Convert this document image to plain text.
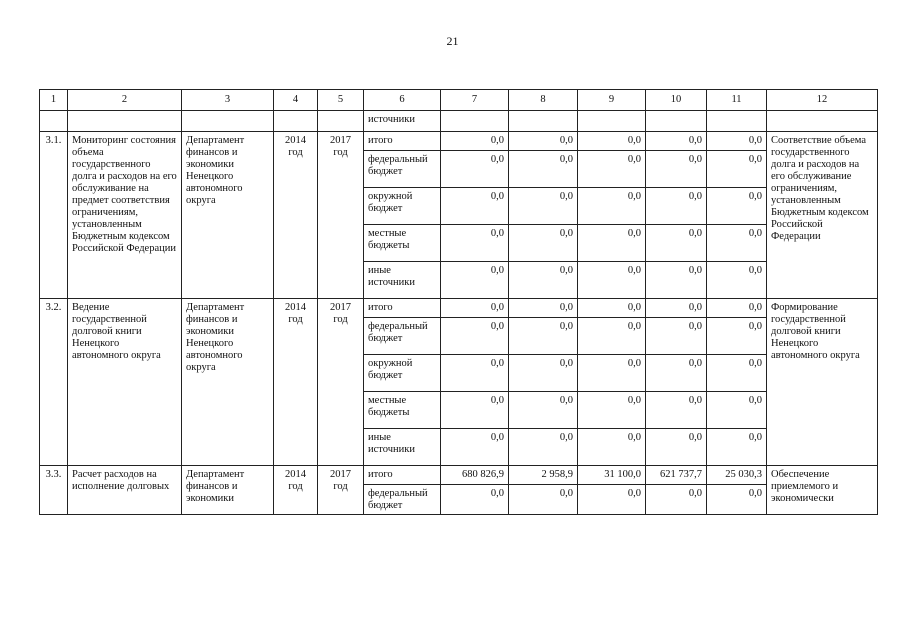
21
1	2	3	4	5	6	7	8	9	10	11	12
					источники						
3.1.	Мониторинг состояния объема государственного долга и расходов на его обслуживание на предмет соответствия ограничениям, установленным Бюджетным кодексом Российской Федерации	Департамент финансов и экономики Ненецкого автономного округа	2014 год	2017 год	итого	0,0	0,0	0,0	0,0	0,0	Соответствие объема государственного долга и расходов на его обслуживание ограничениям, установленным Бюджетным кодексом Российской Федерации
					федеральный бюджет	0,0	0,0	0,0	0,0	0,0	
					окружной бюджет	0,0	0,0	0,0	0,0	0,0	
					местные бюджеты	0,0	0,0	0,0	0,0	0,0	
					иные источники	0,0	0,0	0,0	0,0	0,0	
3.2.	Ведение государственной долговой книги Ненецкого автономного округа	Департамент финансов и экономики Ненецкого автономного округа	2014 год	2017 год	итого	0,0	0,0	0,0	0,0	0,0	Формирование государственной долговой книги Ненецкого автономного округа
					федеральный бюджет	0,0	0,0	0,0	0,0	0,0	
					окружной бюджет	0,0	0,0	0,0	0,0	0,0	
					местные бюджеты	0,0	0,0	0,0	0,0	0,0	
					иные источники	0,0	0,0	0,0	0,0	0,0	
3.3.	Расчет расходов на исполнение долговых	Департамент финансов и экономики	2014 год	2017 год	итого	680 826,9	2 958,9	31 100,0	621 737,7	25 030,3	Обеспечение приемлемого и экономически
					федеральный бюджет	0,0	0,0	0,0	0,0	0,0	
